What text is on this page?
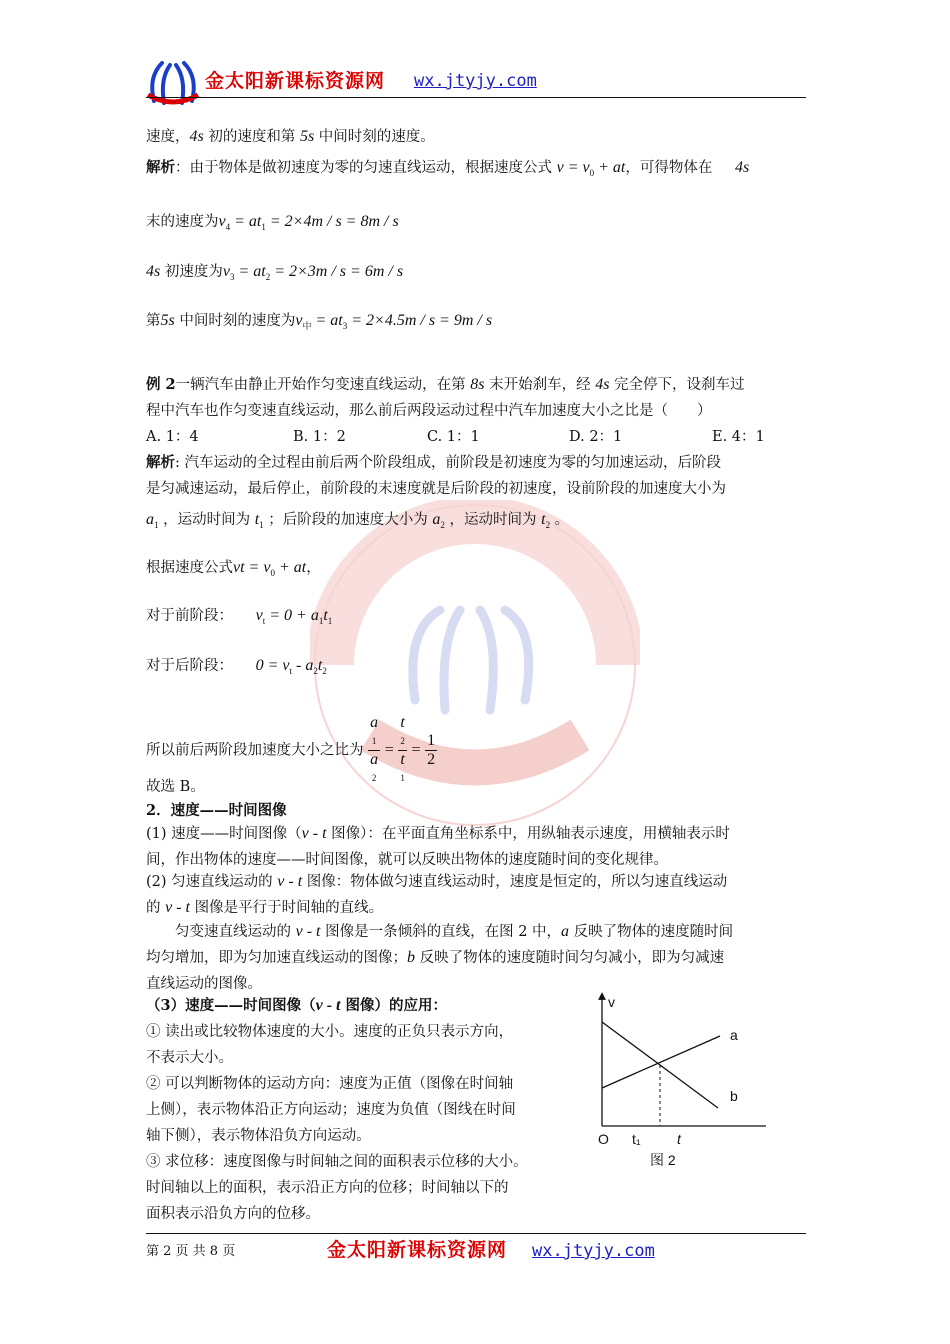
金太阳新课标资源网 wx.jtyjy.com
速度，4s 初的速度和第 5s 中间时刻的速度。
解析：由于物体是做初速度为零的匀速直线运动，根据速度公式 $v = v_0$ + at，可得物体在 4s
末的速度为$v_4 = at_1 = 2\times 4m / s = 8m / s$
4s 初速度为$v_3 = at_2 = 2\times 3m / s = 6m / s$
第5s 中间时刻的速度为$v_中 = at_3 = 2\times 4.5m / s = 9m / s$
例 2一辆汽车由静止开始作匀变速直线运动，在第 8s 末开始刹车，经 4s 完全停下，设刹车过
程中汽车也作匀变速直线运动，那么前后两段运动过程中汽车加速度大小之比是（　　）
A. 1：4	B. 1：2	C. 1：1	D. 2：1	E. 4：1
解析: 汽车运动的全过程由前后两个阶段组成，前阶段是初速度为零的匀加速运动，后阶段
是匀减速运动，最后停止，前阶段的末速度就是后阶段的初速度，设前阶段的加速度大小为
$a_1$ ，运动时间为 $t_1$ ；后阶段的加速度大小为 $a_2$ ，运动时间为 $t_2$ 。
根据速度公式vt = $v_0$ + at，
对于前阶段： $v_t = 0 + a_1t_1$
对于后阶段： $0 = v_t - a_2t_2$
所以前后两阶段加速度大小之比为 a
1
a
2 = t
2
t
$1 = \frac{1}{2}$
故选 B。
2．速度——时间图像
(1) 速度——时间图像（v - t 图像）：在平面直角坐标系中，用纵轴表示速度，用横轴表示时
间，作出物体的速度——时间图像，就可以反映出物体的速度随时间的变化规律。
(2) 匀速直线运动的 v - t 图像：物体做匀速直线运动时，速度是恒定的，所以匀速直线运动
的 v - t 图像是平行于时间轴的直线。
　　匀变速直线运动的 v - t 图像是一条倾斜的直线，在图 2 中，a 反映了物体的速度随时间
均匀增加，即为匀加速直线运动的图像；b 反映了物体的速度随时间匀匀减小，即为匀减速
直线运动的图像。
（3）速度——时间图像（v - t 图像）的应用：
① 读出或比较物体速度的大小。速度的正负只表示方向，
不表示大小。
② 可以判断物体的运动方向：速度为正值（图像在时间轴
上侧），表示物体沿正方向运动；速度为负值（图线在时间
轴下侧），表示物体沿负方向运动。
③ 求位移：速度图像与时间轴之间的面积表示位移的大小。
时间轴以上的面积，表示沿正方向的位移；时间轴以下的
面积表示沿负方向的位移。
v
a
b
O t₁	t
图 2
第 2 页 共 8 页	金太阳新课标资源网 wx.jtyjy.com
